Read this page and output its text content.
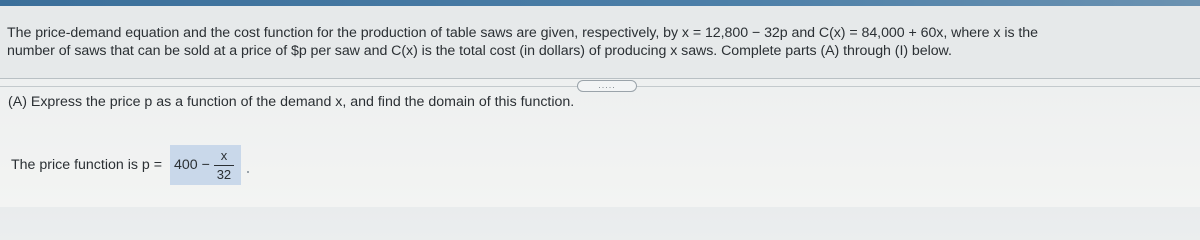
The price-demand equation and the cost function for the production of table saws are given, respectively, by x = 12,800 − 32p and C(x) = 84,000 + 60x, where x is the
number of saws that can be sold at a price of $p per saw and C(x) is the total cost (in dollars) of producing x saws. Complete parts (A) through (I) below.
.....
(A) Express the price p as a function of the demand x, and find the domain of this function.
The price function is $p = 400 - \frac{x}{32}$
